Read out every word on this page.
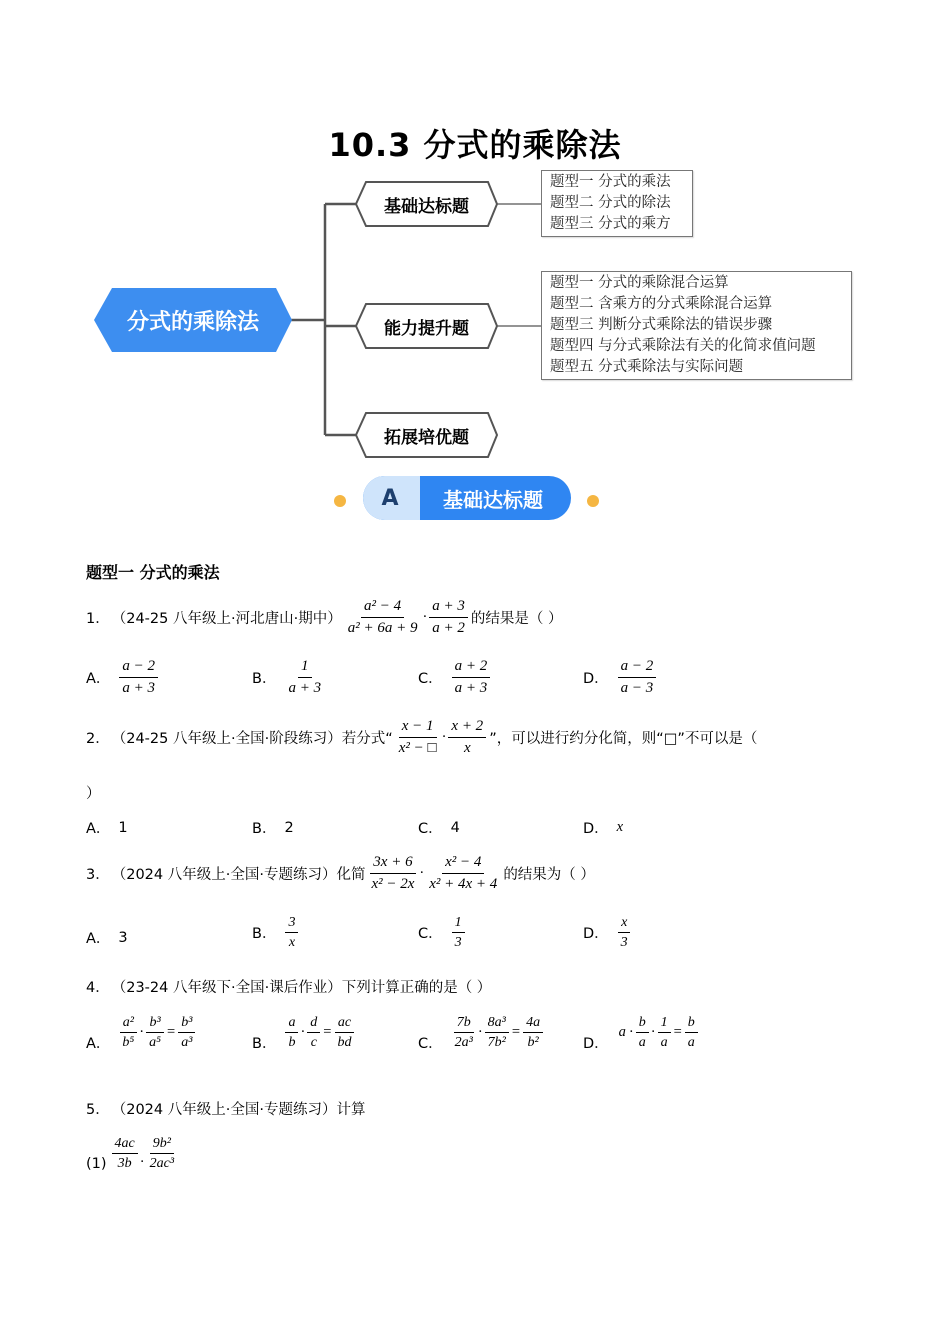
10.3 分式的乘除法
分式的乘除法
基础达标题
能力提升题
拓展培优题
题型一 分式的乘法
题型二 分式的除法
题型三 分式的乘方
题型一 分式的乘除混合运算
题型二 含乘方的分式乘除混合运算
题型三 判断分式乘除法的错误步骤
题型四 与分式乘除法有关的化简求值问题
题型五 分式乘除法与实际问题
A	基础达标题
题型一 分式的乘法
1． （24-25 八年级上·河北唐山·期中） $\frac{\text{a² − 4}}{\text{a² + 6a + 9}} \cdot \frac{a + 3}{a + 2}$ 的结果是（ ）
A． $\frac{a - 2}{a + 3}$	B． $\frac{1}{a + 3}$	C． $\frac{a + 2}{a + 3}$	D． $\frac{a - 2}{a - 3}$
2． （24-25 八年级上·全国·阶段练习）若分式“ $\frac{x - 1}{\text{x² − □}} \cdot \frac{x + 2}{x}$ ”，可以进行约分化简，则“□”不可以是（
）
A． 1	B． 2	C． 4	D． x
3． （2024 八年级上·全国·专题练习）化简 $\frac{3x + 6}{\text{x² − 2x}} \cdot \frac{\text{x² − 4}}{\text{x² + 4x + 4}}$ 的结果为（ ）
A． 3	B． $\frac{3}{x}$	C． $\frac{1}{3}$	D． $\frac{x}{3}$
4． （23-24 八年级下·全国·课后作业）下列计算正确的是（ ）
A． $\frac{\text{a²}}{\text{b⁵}} \cdot \frac{\text{b³}}{\text{a⁵}} = \frac{\text{b³}}{\text{a³}}$	B． $\frac{a}{b} \cdot \frac{d}{c} = \frac{ac}{bd}$	C． $\frac{7b}{\text{2a³}} \cdot \frac{\text{8a³}}{\text{7b²}} = \frac{4a}{\text{b²}}$	D．
$a \cdot \frac{b}{a} \cdot \frac{1}{a} = \frac{b}{a}$
5． （2024 八年级上·全国·专题练习）计算
$(1) \frac{4ac}{3b} \cdot \frac{\text{9b²}}{\text{2ac³}}$
